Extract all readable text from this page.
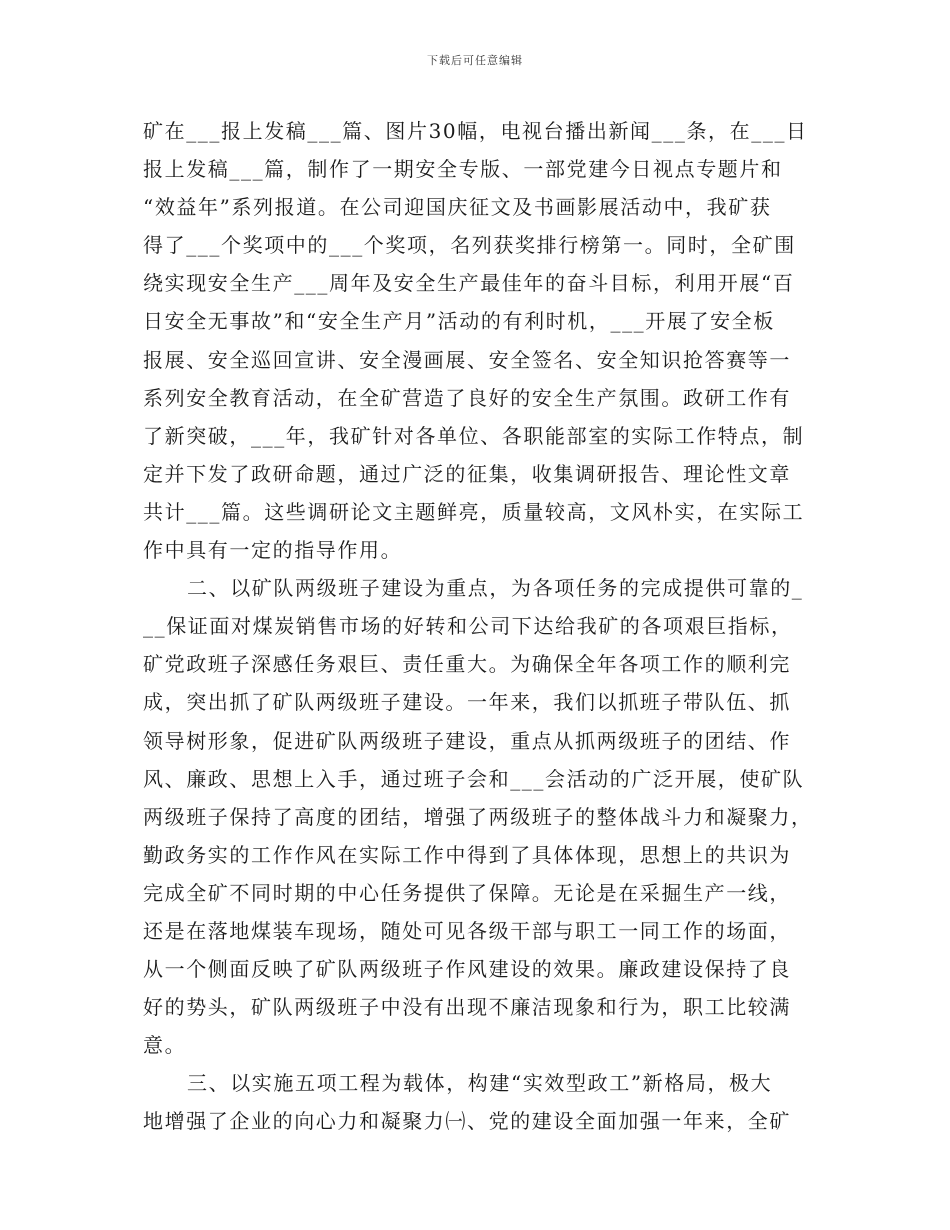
下载后可任意编辑
矿在___报上发稿___篇、图片30幅，电视台播出新闻___条，在___日
报上发稿___篇，制作了一期安全专版、一部党建今日视点专题片和
“效益年”系列报道。在公司迎国庆征文及书画影展活动中，我矿获
得了___个奖项中的___个奖项，名列获奖排行榜第一。同时，全矿围
绕实现安全生产___周年及安全生产最佳年的奋斗目标，利用开展“百
日安全无事故”和“安全生产月”活动的有利时机，___开展了安全板
报展、安全巡回宣讲、安全漫画展、安全签名、安全知识抢答赛等一
系列安全教育活动，在全矿营造了良好的安全生产氛围。政研工作有
了新突破，___年，我矿针对各单位、各职能部室的实际工作特点，制
定并下发了政研命题，通过广泛的征集，收集调研报告、理论性文章
共计___篇。这些调研论文主题鲜亮，质量较高，文风朴实，在实际工
作中具有一定的指导作用。
二、以矿队两级班子建设为重点，为各项任务的完成提供可靠的_
__保证面对煤炭销售市场的好转和公司下达给我矿的各项艰巨指标，
矿党政班子深感任务艰巨、责任重大。为确保全年各项工作的顺利完
成，突出抓了矿队两级班子建设。一年来，我们以抓班子带队伍、抓
领导树形象，促进矿队两级班子建设，重点从抓两级班子的团结、作
风、廉政、思想上入手，通过班子会和___会活动的广泛开展，使矿队
两级班子保持了高度的团结，增强了两级班子的整体战斗力和凝聚力，
勤政务实的工作作风在实际工作中得到了具体体现，思想上的共识为
完成全矿不同时期的中心任务提供了保障。无论是在采掘生产一线，
还是在落地煤装车现场，随处可见各级干部与职工一同工作的场面，
从一个侧面反映了矿队两级班子作风建设的效果。廉政建设保持了良
好的势头，矿队两级班子中没有出现不廉洁现象和行为，职工比较满
意。
三、以实施五项工程为载体，构建“实效型政工”新格局，极大
地增强了企业的向心力和凝聚力㈠、党的建设全面加强一年来，全矿
